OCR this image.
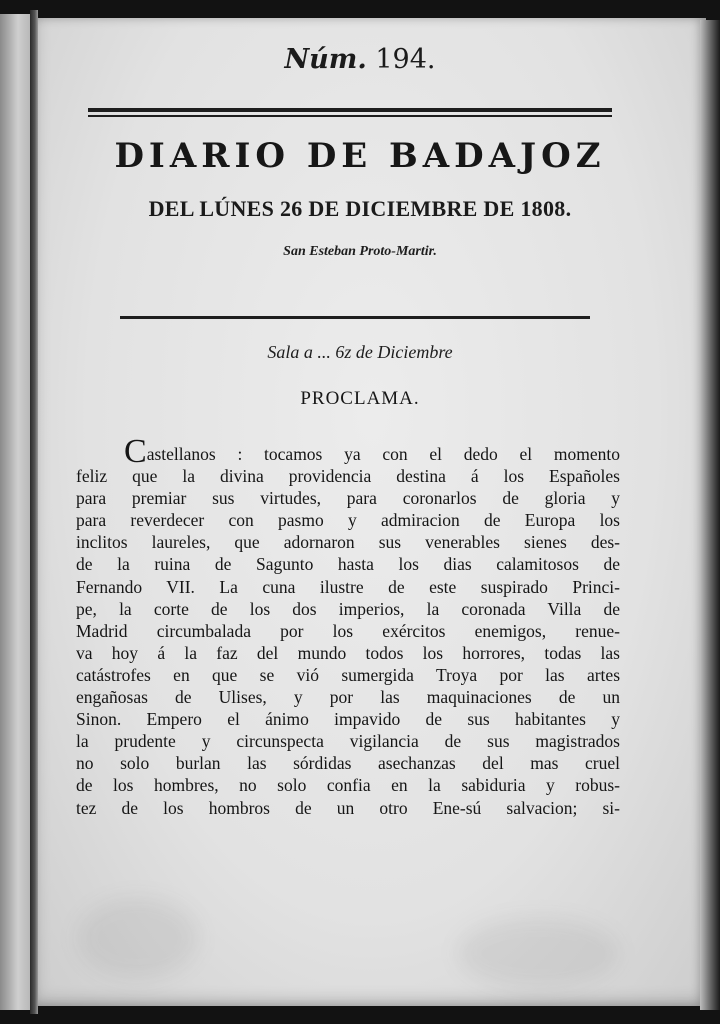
Núm. 194.
DIARIO DE BADAJOZ
DEL LÚNES 26 DE DICIEMBRE DE 1808.
San Esteban Proto-Martir.
Sala a ... 6z de Diciembre
PROCLAMA.
Castellanos : tocamos ya con el dedo el momento
feliz que la divina providencia destina á los Españoles
para premiar sus virtudes, para coronarlos de gloria y
para reverdecer con pasmo y admiracion de Europa los
inclitos laureles, que adornaron sus venerables sienes des-
de la ruina de Sagunto hasta los dias calamitosos de
Fernando VII. La cuna ilustre de este suspirado Princi-
pe, la corte de los dos imperios, la coronada Villa de
Madrid circumbalada por los exércitos enemigos, renue-
va hoy á la faz del mundo todos los horrores, todas las
catástrofes en que se vió sumergida Troya por las artes
engañosas de Ulises, y por las maquinaciones de un
Sinon. Empero el ánimo impavido de sus habitantes y
la prudente y circunspecta vigilancia de sus magistrados
no solo burlan las sórdidas asechanzas del mas cruel
de los hombres, no solo confia en la sabiduria y robus-
tez de los hombros de un otro Ene-sú salvacion; si-
